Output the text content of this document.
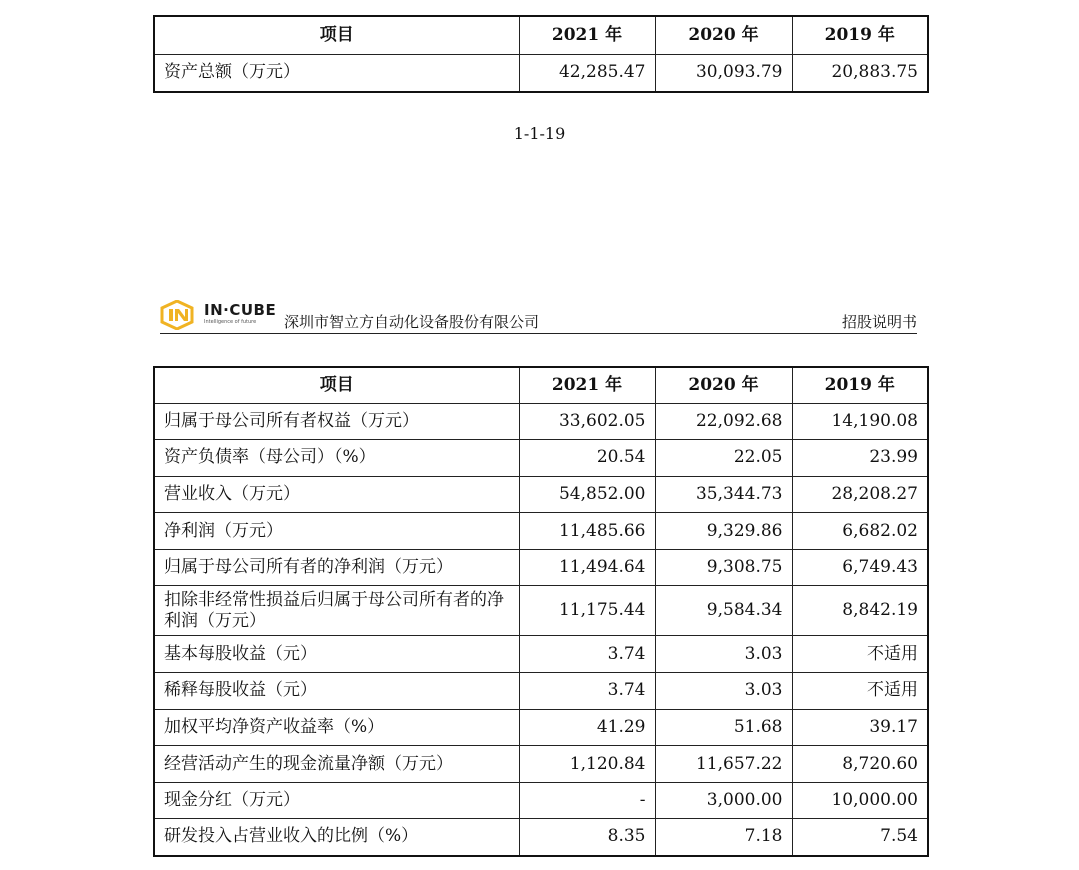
项目	2021 年	2020 年	2019 年
资产总额（万元）	42,285.47	30,093.79	20,883.75
1-1-19
IN·CUBE
Intelligence of future 深圳市智立方自动化设备股份有限公司	招股说明书
项目	2021 年	2020 年	2019 年
归属于母公司所有者权益（万元）	33,602.05	22,092.68	14,190.08
资产负债率（母公司）（%）	20.54	22.05	23.99
营业收入（万元）	54,852.00	35,344.73	28,208.27
净利润（万元）	11,485.66	9,329.86	6,682.02
归属于母公司所有者的净利润（万元）	11,494.64	9,308.75	6,749.43
扣除非经常性损益后归属于母公司所有者的净利润（万元）	11,175.44	9,584.34	8,842.19
基本每股收益（元）	3.74	3.03	不适用
稀释每股收益（元）	3.74	3.03	不适用
加权平均净资产收益率（%）	41.29	51.68	39.17
经营活动产生的现金流量净额（万元）	1,120.84	11,657.22	8,720.60
现金分红（万元）	-	3,000.00	10,000.00
研发投入占营业收入的比例（%）	8.35	7.18	7.54
